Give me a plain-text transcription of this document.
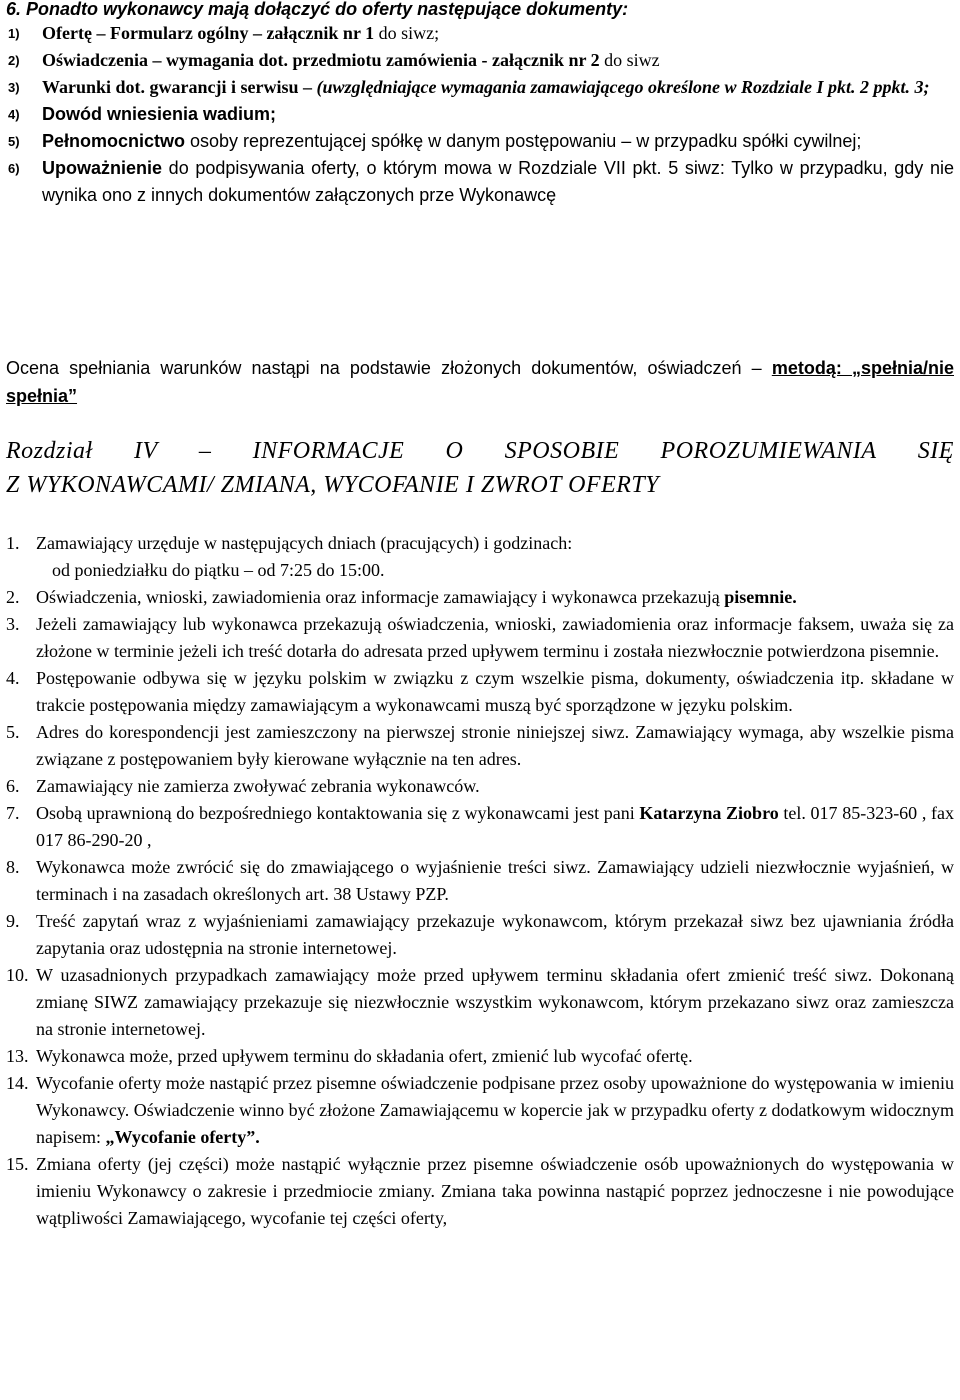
6. Ponadto wykonawcy mają dołączyć do oferty następujące dokumenty:

1)	Ofertę – Formularz ogólny – załącznik nr 1 do siwz;
2)	Oświadczenia – wymagania dot. przedmiotu zamówienia - załącznik nr 2 do siwz
3)	Warunki dot. gwarancji i serwisu – (uwzględniające wymagania zamawiającego określone w Rozdziale I pkt. 2 ppkt. 3;
4)	Dowód wniesienia wadium;
5)	Pełnomocnictwo osoby reprezentującej spółkę w danym postępowaniu – w przypadku spółki cywilnej;
6)	Upoważnienie do podpisywania oferty, o którym mowa w Rozdziale VII pkt. 5 siwz: Tylko w przypadku, gdy nie wynika ono z innych dokumentów załączonych prze Wykonawcę
Ocena spełniania warunków nastąpi na podstawie złożonych dokumentów, oświadczeń – metodą: „spełnia/nie spełnia”
Rozdział IV – INFORMACJE O SPOSOBIE POROZUMIEWANIA SIĘ
Z WYKONAWCAMI/ ZMIANA, WYCOFANIE I ZWROT OFERTY
1. Zamawiający urzęduje w następujących dniach (pracujących) i godzinach:
od poniedziałku do piątku – od 7:25 do 15:00.
2. Oświadczenia, wnioski, zawiadomienia oraz informacje zamawiający i wykonawca przekazują pisemnie.
3. Jeżeli zamawiający lub wykonawca przekazują oświadczenia, wnioski, zawiadomienia oraz informacje faksem, uważa się za złożone w terminie jeżeli ich treść dotarła do adresata przed upływem terminu i została niezwłocznie potwierdzona pisemnie.
4. Postępowanie odbywa się w języku polskim w związku z czym wszelkie pisma, dokumenty, oświadczenia itp. składane w trakcie postępowania między zamawiającym a wykonawcami muszą być sporządzone w języku polskim.
5. Adres do korespondencji jest zamieszczony na pierwszej stronie niniejszej siwz. Zamawiający wymaga, aby wszelkie pisma związane z postępowaniem były kierowane wyłącznie na ten adres.
6. Zamawiający nie zamierza zwoływać zebrania wykonawców.
7. Osobą uprawnioną do bezpośredniego kontaktowania się z wykonawcami jest pani Katarzyna Ziobro tel. 017 85-323-60 , fax 017 86-290-20 ,
8. Wykonawca może zwrócić się do zmawiającego o wyjaśnienie treści siwz. Zamawiający udzieli niezwłocznie wyjaśnień, w terminach i na zasadach określonych art. 38 Ustawy PZP.
9. Treść zapytań wraz z wyjaśnieniami zamawiający przekazuje wykonawcom, którym przekazał siwz bez ujawniania źródła zapytania oraz udostępnia na stronie internetowej.
10. W uzasadnionych przypadkach zamawiający może przed upływem terminu składania ofert zmienić treść siwz. Dokonaną zmianę SIWZ zamawiający przekazuje się niezwłocznie wszystkim wykonawcom, którym przekazano siwz oraz zamieszcza na stronie internetowej.
13. Wykonawca może, przed upływem terminu do składania ofert, zmienić lub wycofać ofertę.
14. Wycofanie oferty może nastąpić przez pisemne oświadczenie podpisane przez osoby upoważnione do występowania w imieniu Wykonawcy. Oświadczenie winno być złożone Zamawiającemu w kopercie jak w przypadku oferty z dodatkowym widocznym napisem: „Wycofanie oferty”.
15. Zmiana oferty (jej części) może nastąpić wyłącznie przez pisemne oświadczenie osób upoważnionych do występowania w imieniu Wykonawcy o zakresie i przedmiocie zmiany. Zmiana taka powinna nastąpić poprzez jednoczesne i nie powodujące wątpliwości Zamawiającego, wycofanie tej części oferty,
